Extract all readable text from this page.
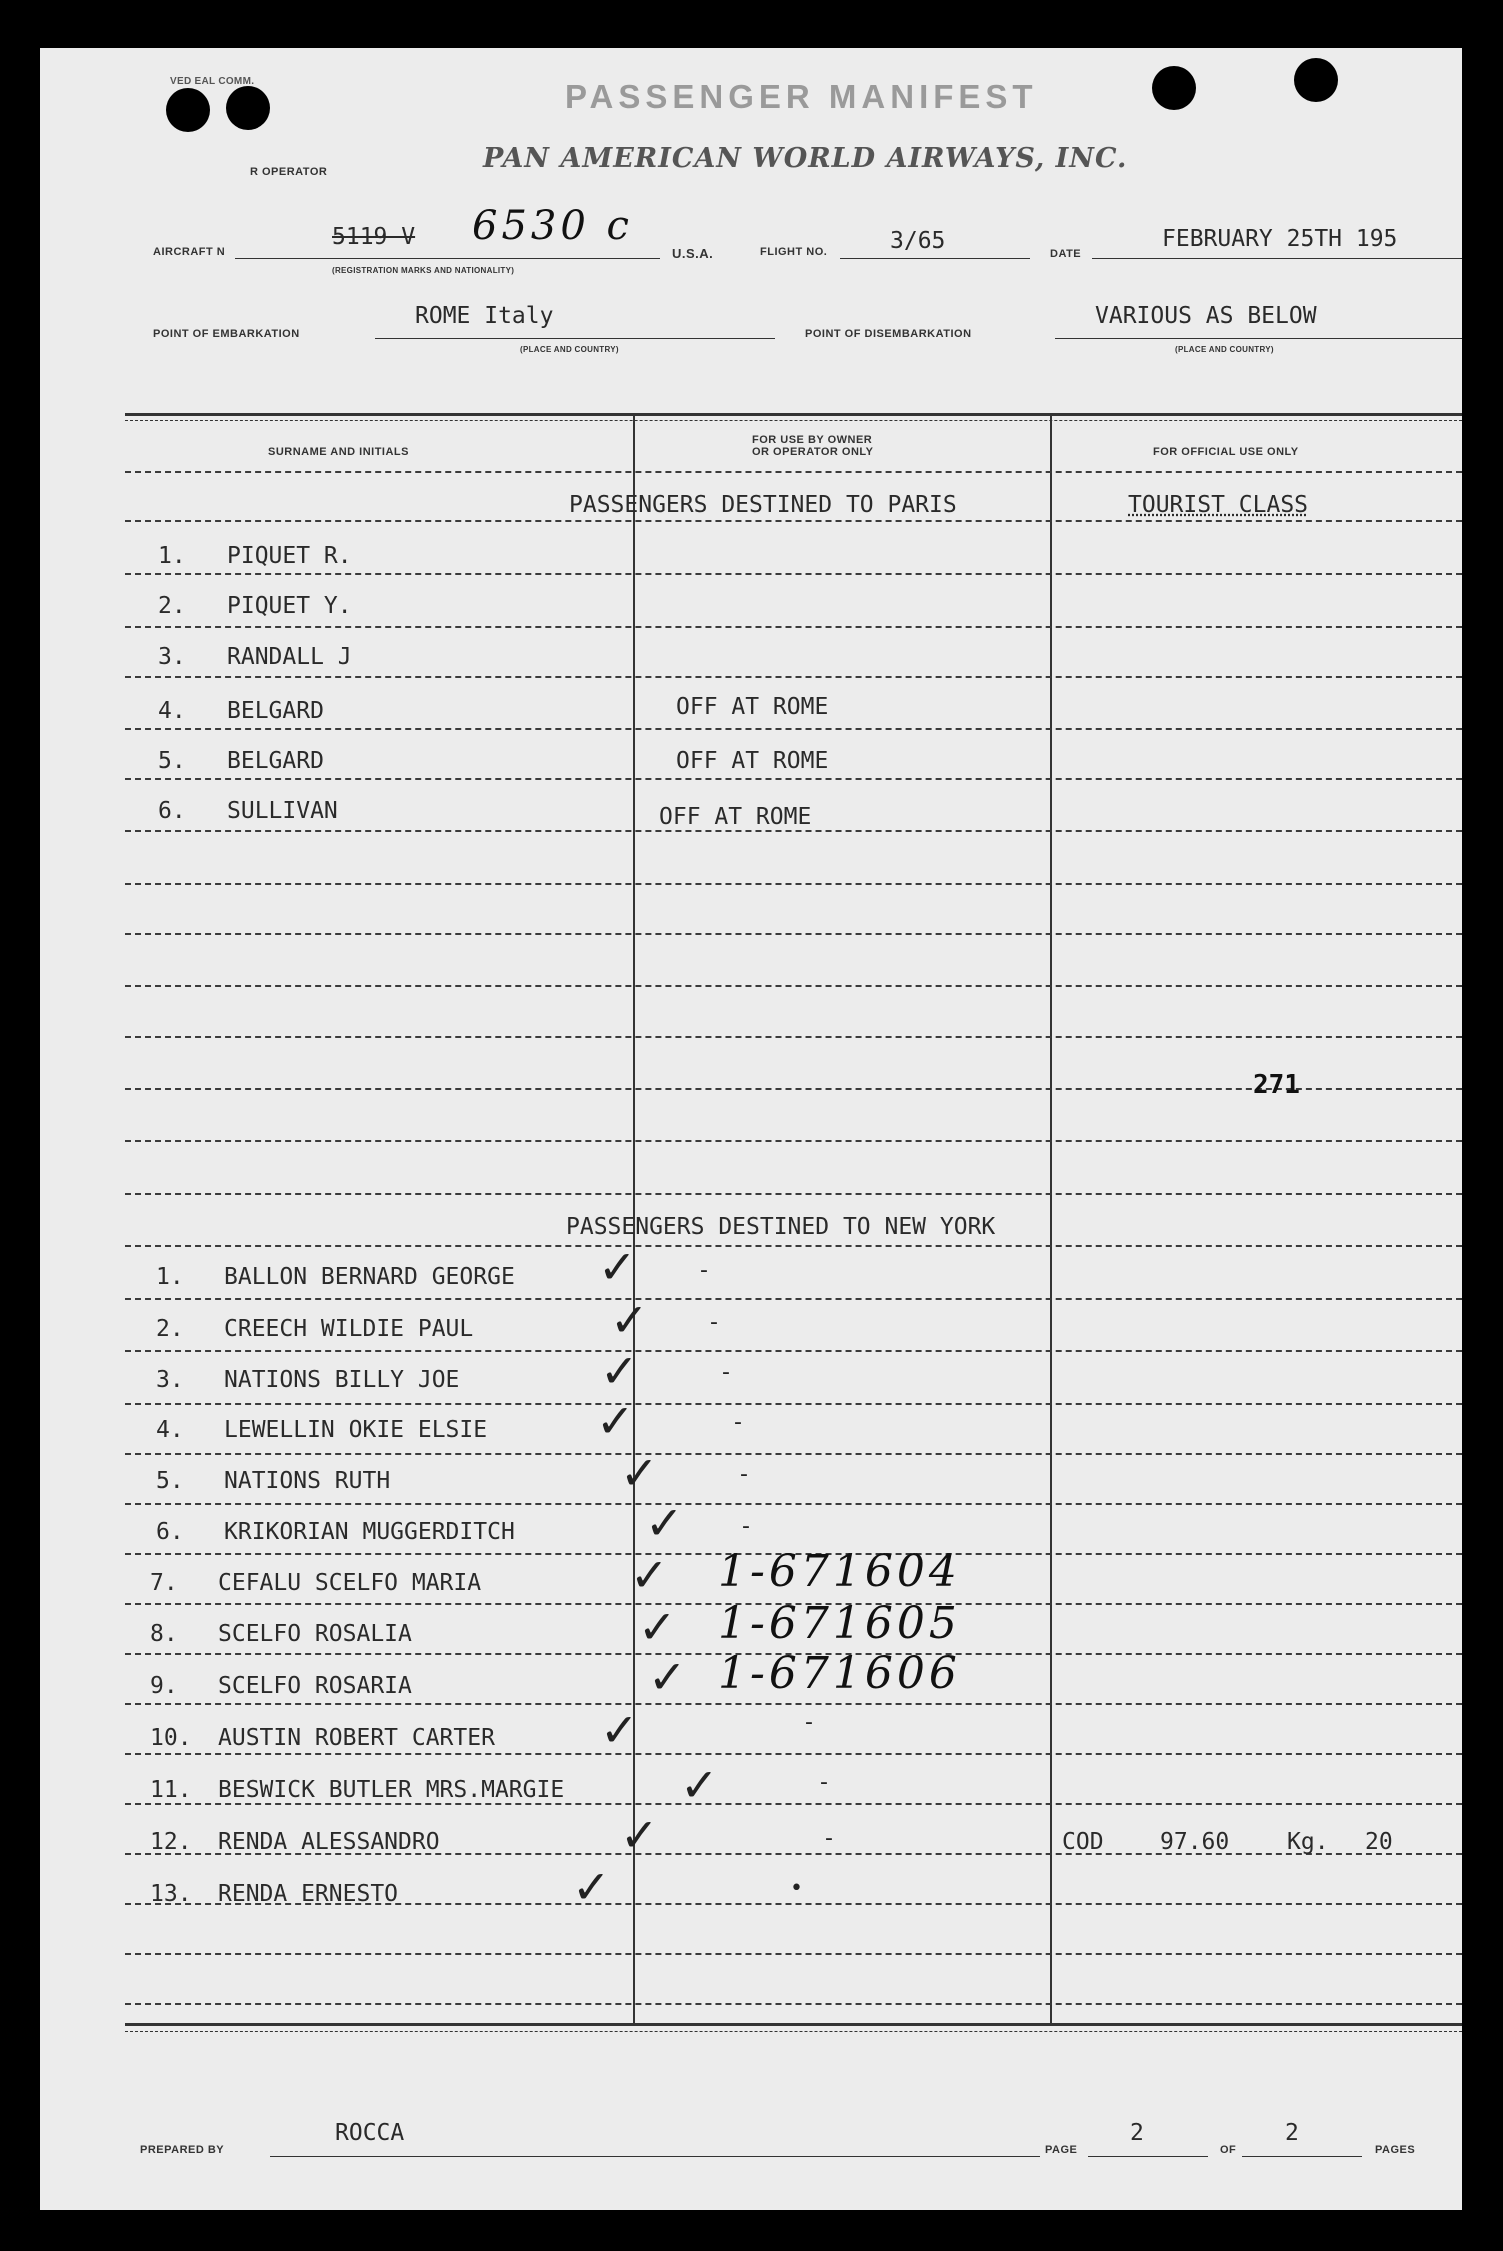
VED EAL COMM.
R OPERATOR
PASSENGER MANIFEST
PAN AMERICAN WORLD AIRWAYS, INC.
AIRCRAFT N
5119 V 6530 c
(REGISTRATION MARKS AND NATIONALITY)
U.S.A.	FLIGHT NO.	3/65	DATE
FEBRUARY 25TH 195
POINT OF EMBARKATION
ROME Italy
(PLACE AND COUNTRY)
POINT OF DISEMBARKATION
VARIOUS AS BELOW
(PLACE AND COUNTRY)
SURNAME AND INITIALS
FOR USE BY OWNER
OR OPERATOR ONLY	FOR OFFICIAL USE ONLY
PASSENGERS DESTINED TO PARIS	TOURIST CLASS
1. PIQUET R.
2. PIQUET Y.
3. RANDALL J
4. BELGARD	OFF AT ROME
5. BELGARD	OFF AT ROME
6. SULLIVAN	OFF AT ROME
271
PASSENGERS DESTINED TO NEW YORK
1. BALLON BERNARD GEORGE ✓	-
2. CREECH WILDIE PAUL	✓	-
3. NATIONS BILLY JOE	✓	-
4. LEWELLIN OKIE ELSIE ✓	-
5. NATIONS RUTH	✓	-
6. KRIKORIAN MUGGERDITCH	✓	-
7. CEFALU SCELFO MARIA	✓ 1-671604
8. SCELFO ROSALIA	✓ 1-671605
9. SCELFO ROSARIA	✓ 1-671606
10. AUSTIN ROBERT CARTER ✓	-
11. BESWICK BUTLER MRS.MARGIE	✓	-
12. RENDA ALESSANDRO	✓	-	COD 97.60	Kg. 20
13. RENDA ERNESTO	✓	•
PREPARED BY
ROCCA
PAGE
2
OF
2
PAGES
